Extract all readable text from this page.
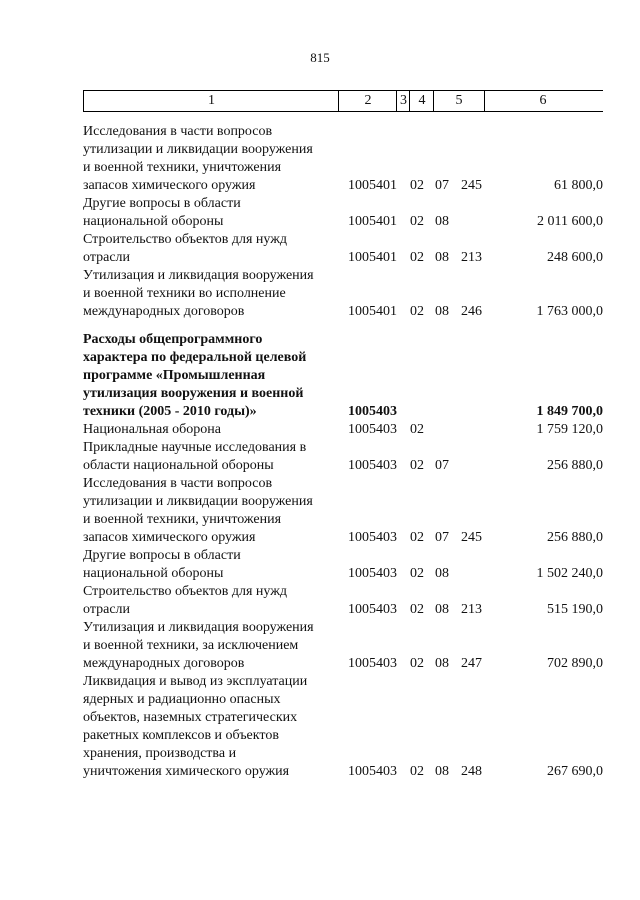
815
1	2	3 4	5	6
Исследования в части вопросов
утилизации и ликвидации вооружения
и военной техники, уничтожения
запасов химического оружия	1005401 02 07 245	61 800,0
Другие вопросы в области
национальной обороны	1005401 02 08	2 011 600,0
Строительство объектов для нужд
отрасли	1005401 02 08 213	248 600,0
Утилизация и ликвидация вооружения
и военной техники во исполнение
международных договоров	1005401 02 08 246	1 763 000,0
Расходы общепрограммного
характера по федеральной целевой
программе «Промышленная
утилизация вооружения и военной
техники (2005 - 2010 годы)»	1005403	1 849 700,0
Национальная оборона	1005403 02	1 759 120,0
Прикладные научные исследования в
области национальной обороны	1005403 02 07	256 880,0
Исследования в части вопросов
утилизации и ликвидации вооружения
и военной техники, уничтожения
запасов химического оружия	1005403 02 07 245	256 880,0
Другие вопросы в области
национальной обороны	1005403 02 08	1 502 240,0
Строительство объектов для нужд
отрасли	1005403 02 08 213	515 190,0
Утилизация и ликвидация вооружения
и военной техники, за исключением
международных договоров	1005403 02 08 247	702 890,0
Ликвидация и вывод из эксплуатации
ядерных и радиационно опасных
объектов, наземных стратегических
ракетных комплексов и объектов
хранения, производства и
уничтожения химического оружия	1005403 02 08 248	267 690,0
